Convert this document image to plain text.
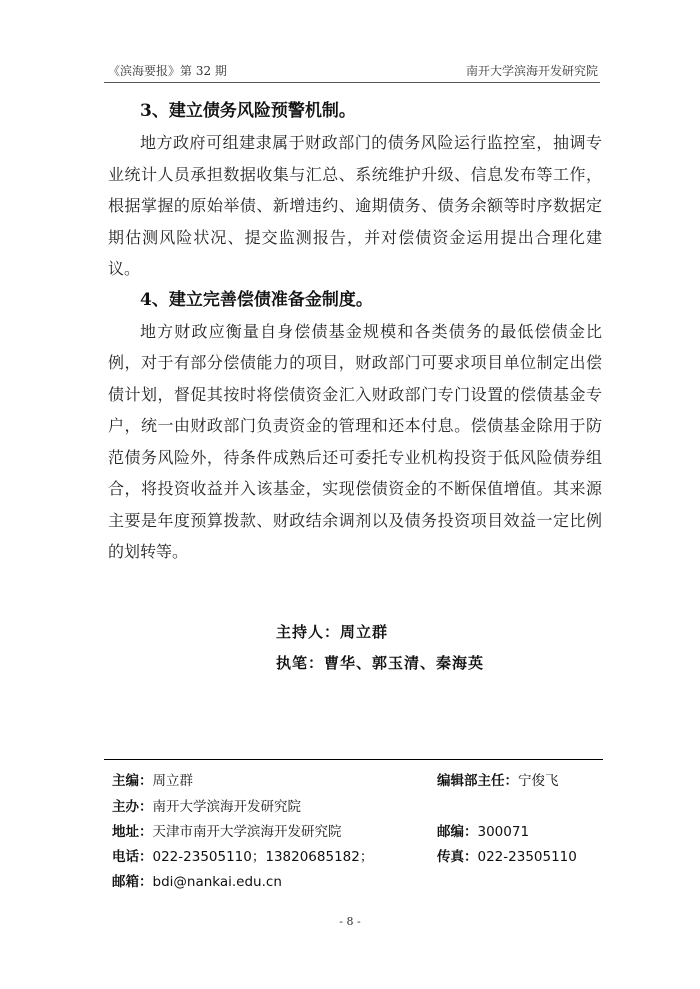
《滨海要报》第 32 期	南开大学滨海开发研究院

3、建立债务风险预警机制。

地方政府可组建隶属于财政部门的债务风险运行监控室，抽调专业统计人员承担数据收集与汇总、系统维护升级、信息发布等工作，根据掌握的原始举债、新增违约、逾期债务、债务余额等时序数据定期估测风险状况、提交监测报告，并对偿债资金运用提出合理化建议。

4、建立完善偿债准备金制度。

地方财政应衡量自身偿债基金规模和各类债务的最低偿债金比例，对于有部分偿债能力的项目，财政部门可要求项目单位制定出偿债计划，督促其按时将偿债资金汇入财政部门专门设置的偿债基金专户，统一由财政部门负责资金的管理和还本付息。偿债基金除用于防范债务风险外，待条件成熟后还可委托专业机构投资于低风险债券组合，将投资收益并入该基金，实现偿债资金的不断保值增值。其来源主要是年度预算拨款、财政结余调剂以及债务投资项目效益一定比例的划转等。

主持人：周立群
执笔：曹华、郭玉清、秦海英
主编：周立群	编辑部主任：宁俊飞
主办：南开大学滨海开发研究院
地址：天津市南开大学滨海开发研究院	邮编：300071
电话：022-23505110；13820685182；	传真：022-23505110
邮箱：bdi@nankai.edu.cn
- 8 -
